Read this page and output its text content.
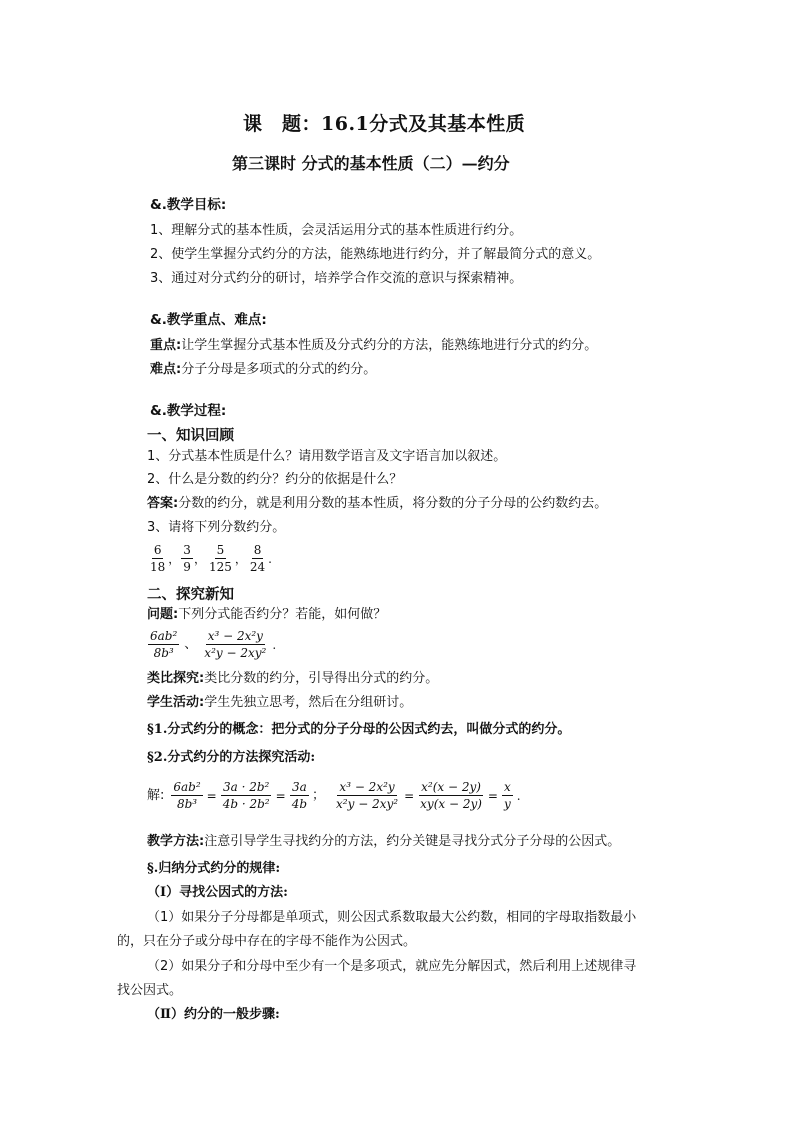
课　题：16.1分式及其基本性质
第三课时 分式的基本性质（二）—约分
&.教学目标:
1、理解分式的基本性质，会灵活运用分式的基本性质进行约分。
2、使学生掌握分式约分的方法，能熟练地进行约分，并了解最简分式的意义。
3、通过对分式约分的研讨，培养学合作交流的意识与探索精神。
&.教学重点、难点:
重点:让学生掌握分式基本性质及分式约分的方法，能熟练地进行分式的约分。
难点:分子分母是多项式的分式的约分。
&.教学过程:
一、知识回顾
1、分式基本性质是什么？请用数学语言及文字语言加以叙述。
2、什么是分数的约分？约分的依据是什么？
答案:分数的约分，就是利用分数的基本性质，将分数的分子分母的公约数约去。
3、请将下列分数约分。
$\frac{6}{18}$ ， $\frac{3}{9}$ ， $\frac{5}{125}$ ， $\frac{8}{24}$ .
二、探究新知
问题:下列分式能否约分？若能，如何做？
$\frac{\text{6ab²}}{\text{8b³}}$ 、 $\frac{\text{x³ − 2x²y}}{\text{x²y − 2xy²}}$ .
类比探究:类比分数的约分，引导得出分式的约分。
学生活动:学生先独立思考，然后在分组研讨。
§1.分式约分的概念：把分式的分子分母的公因式约去，叫做分式的约分。
§2.分式约分的方法探究活动:
解: $\frac{\text{6ab²}}{\text{8b³}} = \frac{\text{3a · 2b²}}{\text{4b · 2b²}} = \frac{3a}{4b}$ ； $\frac{\text{x³ − 2x²y}}{\text{x²y − 2xy²}} = \frac{\text{x²(x − 2y)}}{xy(x - 2y)} = \frac{x}{y}$ .
教学方法:注意引导学生寻找约分的方法，约分关键是寻找分式分子分母的公因式。
§.归纳分式约分的规律:
（Ⅰ）寻找公因式的方法:
（1）如果分子分母都是单项式，则公因式系数取最大公约数，相同的字母取指数最小
的，只在分子或分母中存在的字母不能作为公因式。
（2）如果分子和分母中至少有一个是多项式，就应先分解因式，然后利用上述规律寻
找公因式。
（Ⅱ）约分的一般步骤:
